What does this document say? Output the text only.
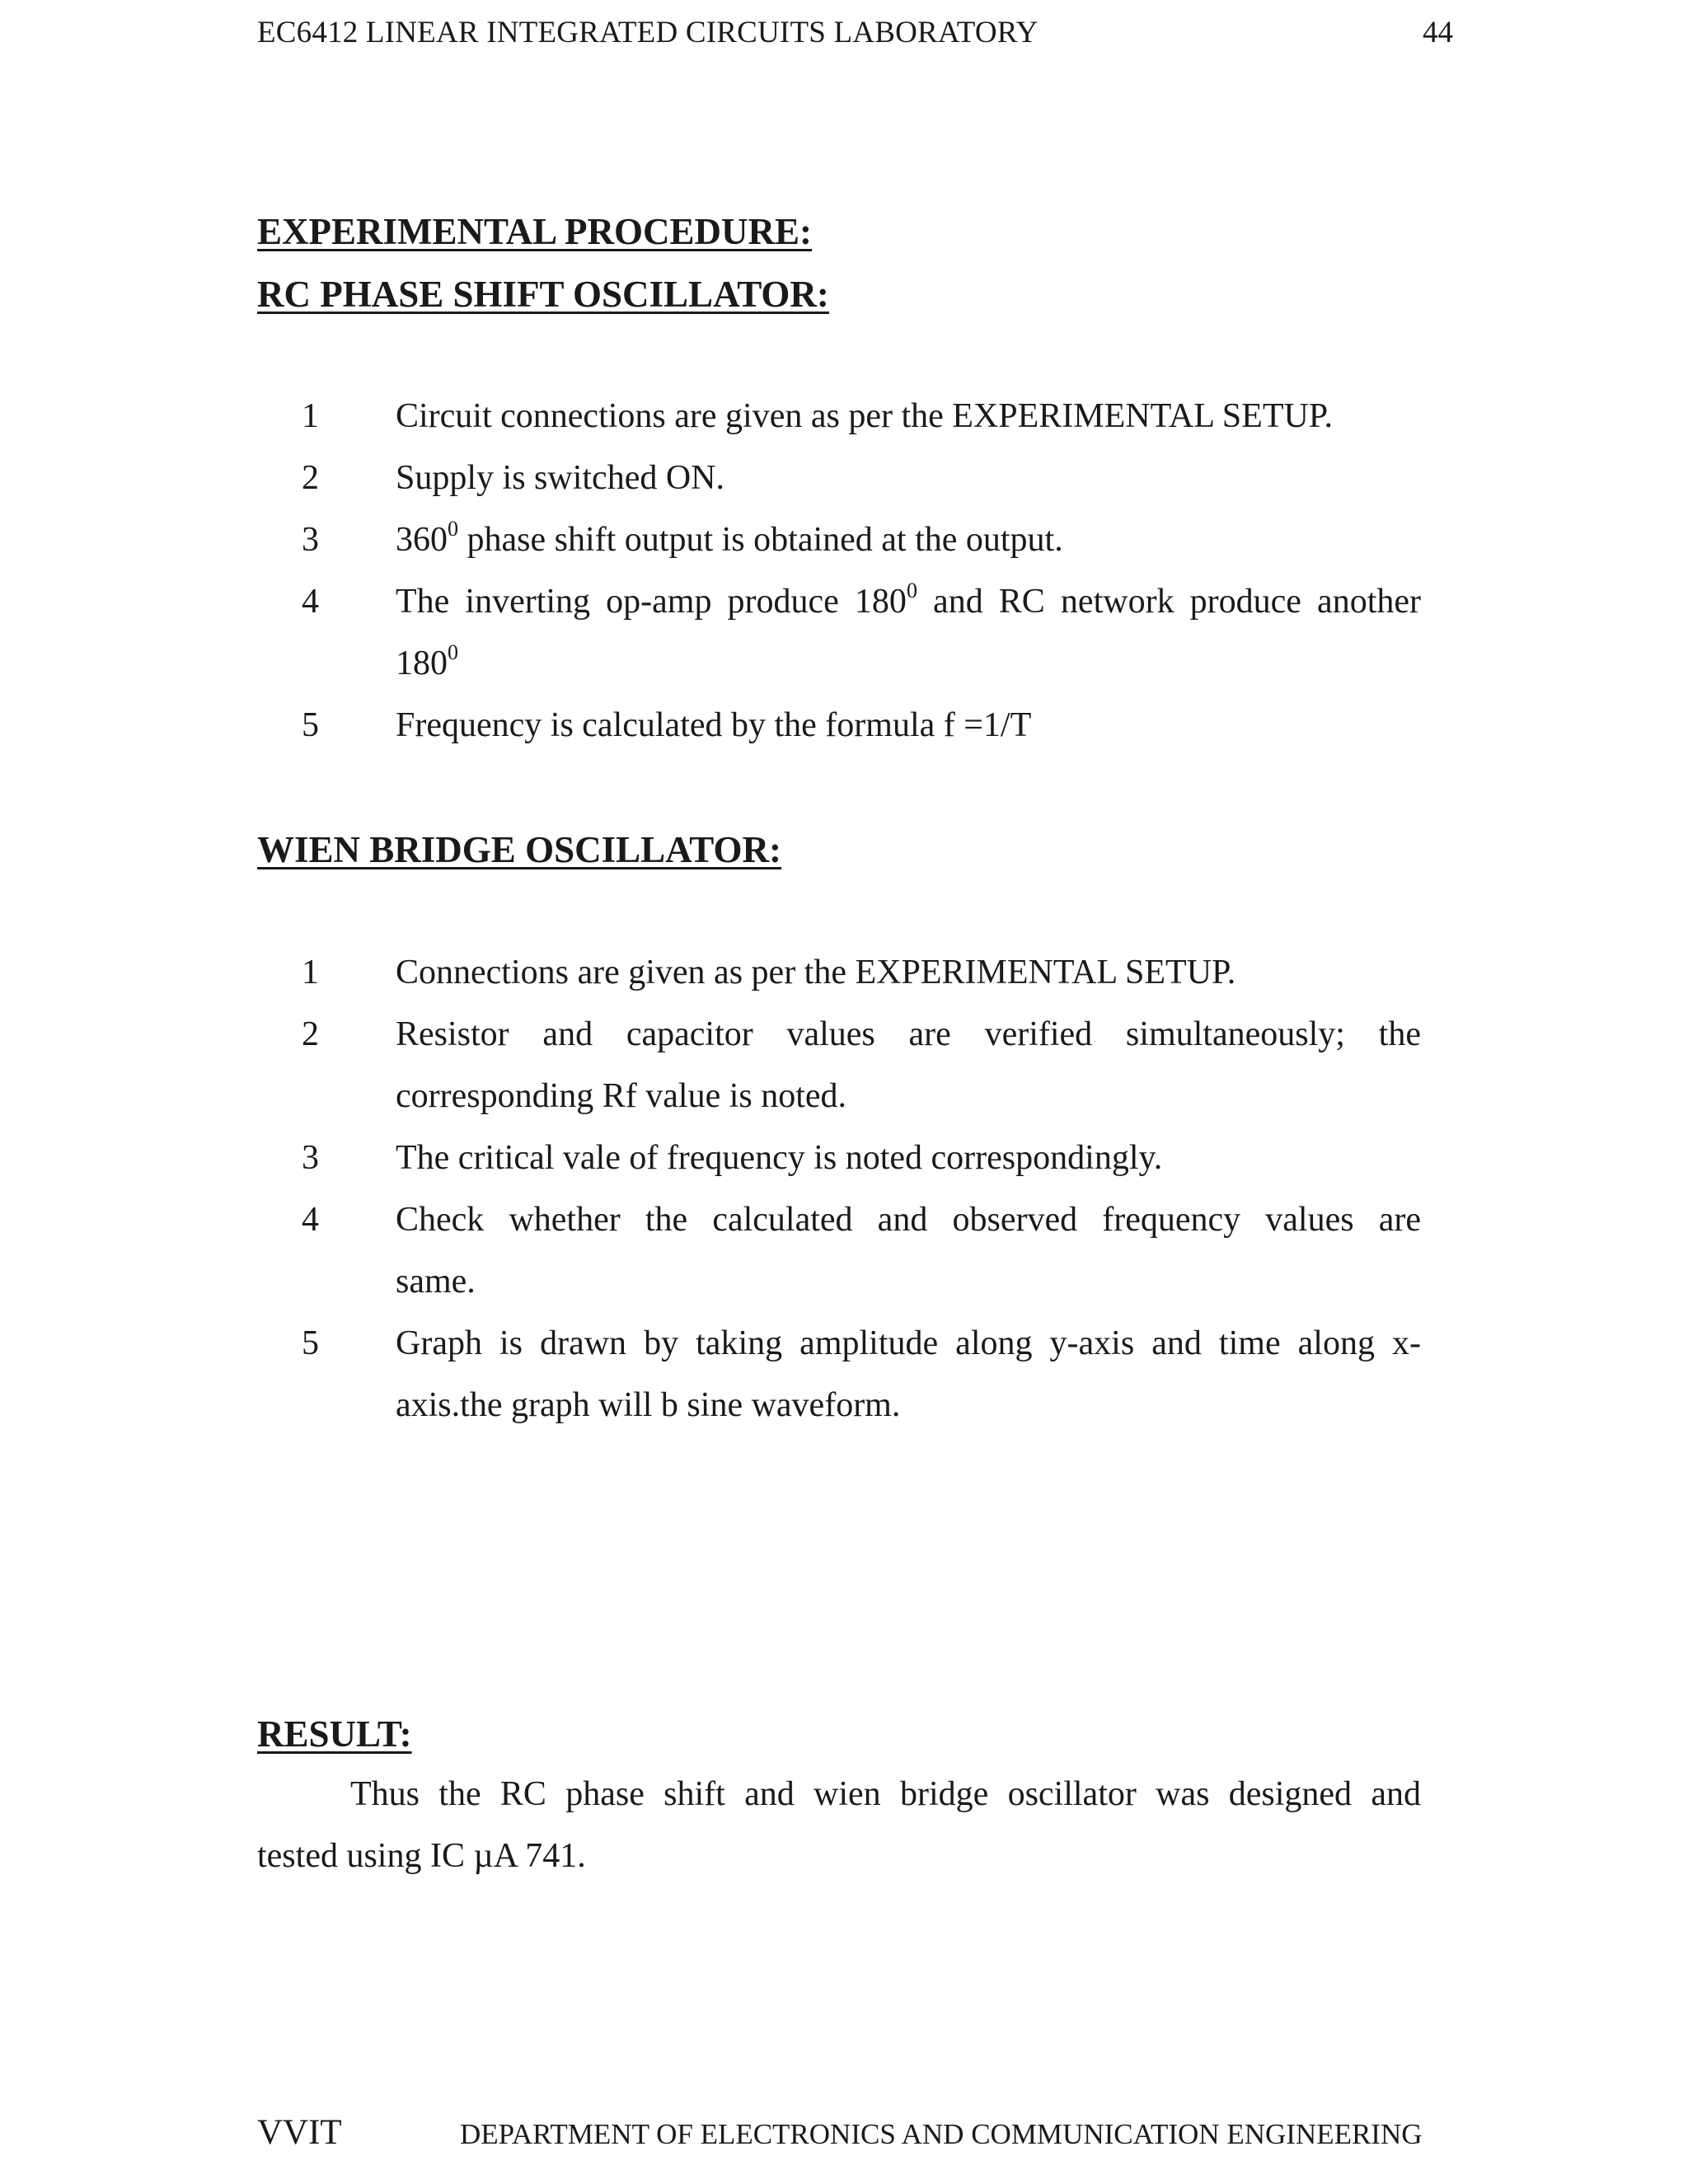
EC6412 LINEAR INTEGRATED CIRCUITS LABORATORY	44
EXPERIMENTAL PROCEDURE:
RC PHASE SHIFT OSCILLATOR:
1 Circuit connections are given as per the EXPERIMENTAL SETUP.
2 Supply is switched ON.
3 $360^0$ phase shift output is obtained at the output.
4 The inverting op-amp produce $180^0$ and RC network produce another
$180^0$
5 Frequency is calculated by the formula f =1/T
WIEN BRIDGE OSCILLATOR:
1 Connections are given as per the EXPERIMENTAL SETUP.
2 Resistor and capacitor values are verified simultaneously; the
corresponding Rf value is noted.
3 The critical vale of frequency is noted correspondingly.
4 Check whether the calculated and observed frequency values are
same.
5 Graph is drawn by taking amplitude along y-axis and time along x-
axis.the graph will b sine waveform.
RESULT:
Thus the RC phase shift and wien bridge oscillator was designed and
tested using IC µA 741.
VVIT	DEPARTMENT OF ELECTRONICS AND COMMUNICATION ENGINEERING
